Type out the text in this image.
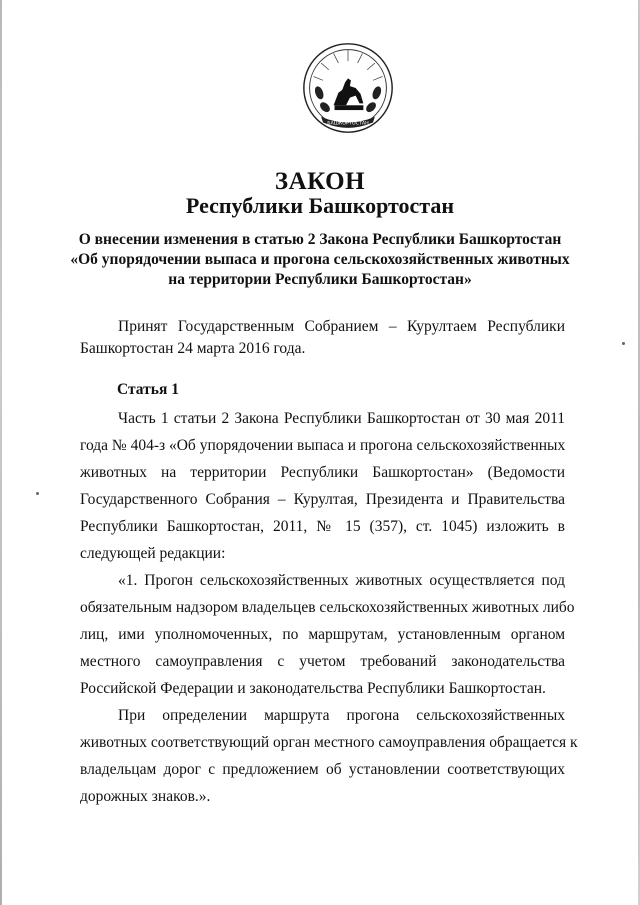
БАШКОРТОСТАН
ЗАКОН
Республики Башкортостан
О внесении изменения в статью 2 Закона Республики Башкортостан
«Об упорядочении выпаса и прогона сельскохозяйственных животных
на территории Республики Башкортостан»
Принят Государственным Собранием – Курултаем Республики
Башкортостан 24 марта 2016 года.
Статья 1
Часть 1 статьи 2 Закона Республики Башкортостан от 30 мая 2011
года № 404-з «Об упорядочении выпаса и прогона сельскохозяйственных
животных на территории Республики Башкортостан» (Ведомости
Государственного Собрания – Курултая, Президента и Правительства
Республики Башкортостан, 2011, № 15 (357), ст. 1045) изложить в
следующей редакции:
«1. Прогон сельскохозяйственных животных осуществляется под
обязательным надзором владельцев сельскохозяйственных животных либо
лиц, ими уполномоченных, по маршрутам, установленным органом
местного самоуправления с учетом требований законодательства
Российской Федерации и законодательства Республики Башкортостан.
При определении маршрута прогона сельскохозяйственных
животных соответствующий орган местного самоуправления обращается к
владельцам дорог с предложением об установлении соответствующих
дорожных знаков.».
